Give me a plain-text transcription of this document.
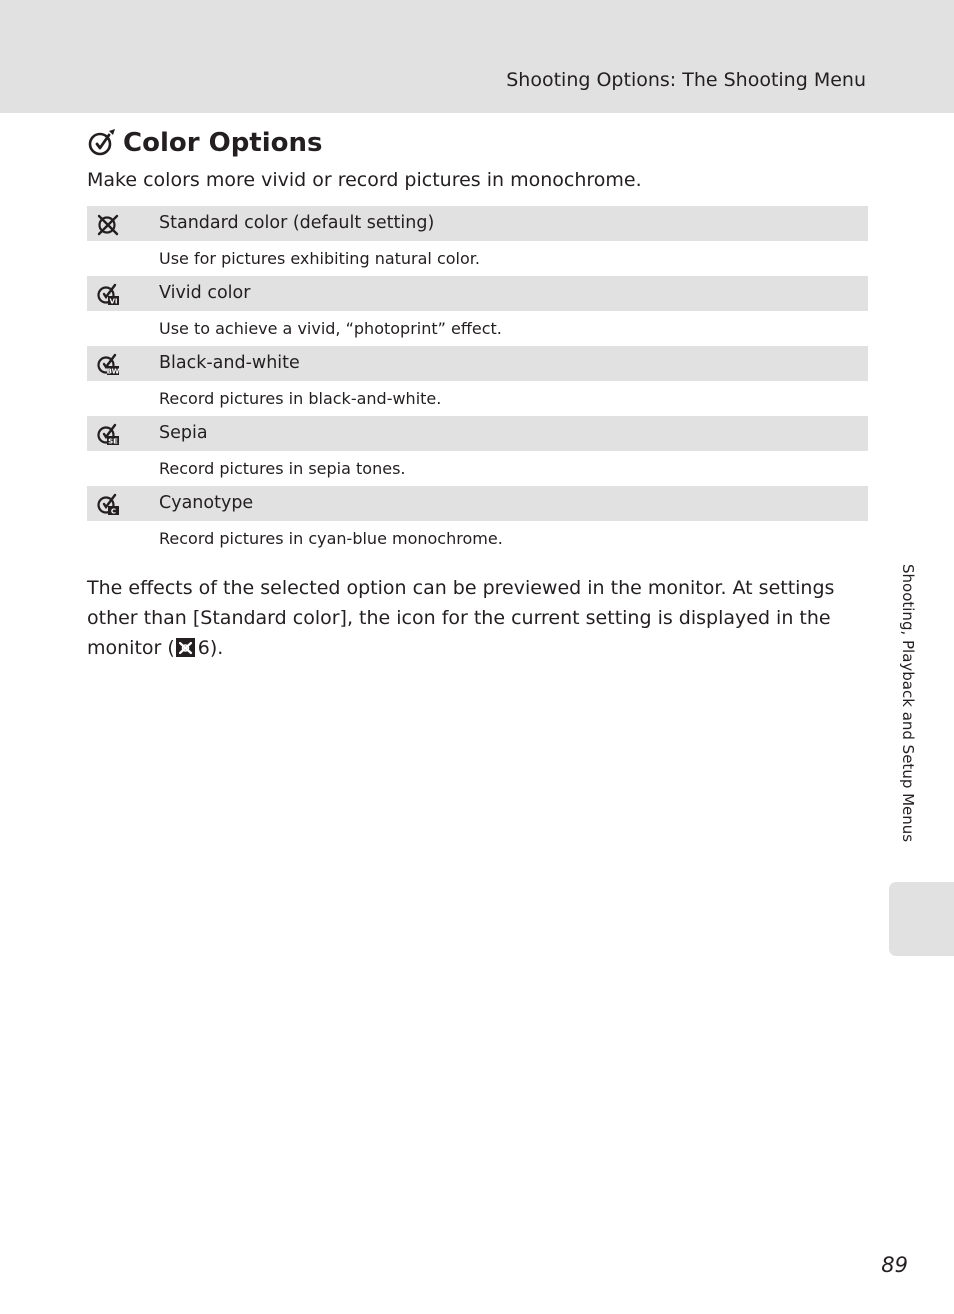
Shooting Options: The Shooting Menu
Color Options
Make colors more vivid or record pictures in monochrome.
Standard color (default setting)
Use for pictures exhibiting natural color.
VI Vivid color
Use to achieve a vivid, “photoprint” effect.
BW Black-and-white
Record pictures in black-and-white.
SE Sepia
Record pictures in sepia tones.
C Cyanotype
Record pictures in cyan-blue monochrome.
The effects of the selected option can be previewed in the monitor. At settings other than [Standard color], the icon for the current setting is displayed in the monitor ( 6).	Shooting, Playback and Setup Menus
89
